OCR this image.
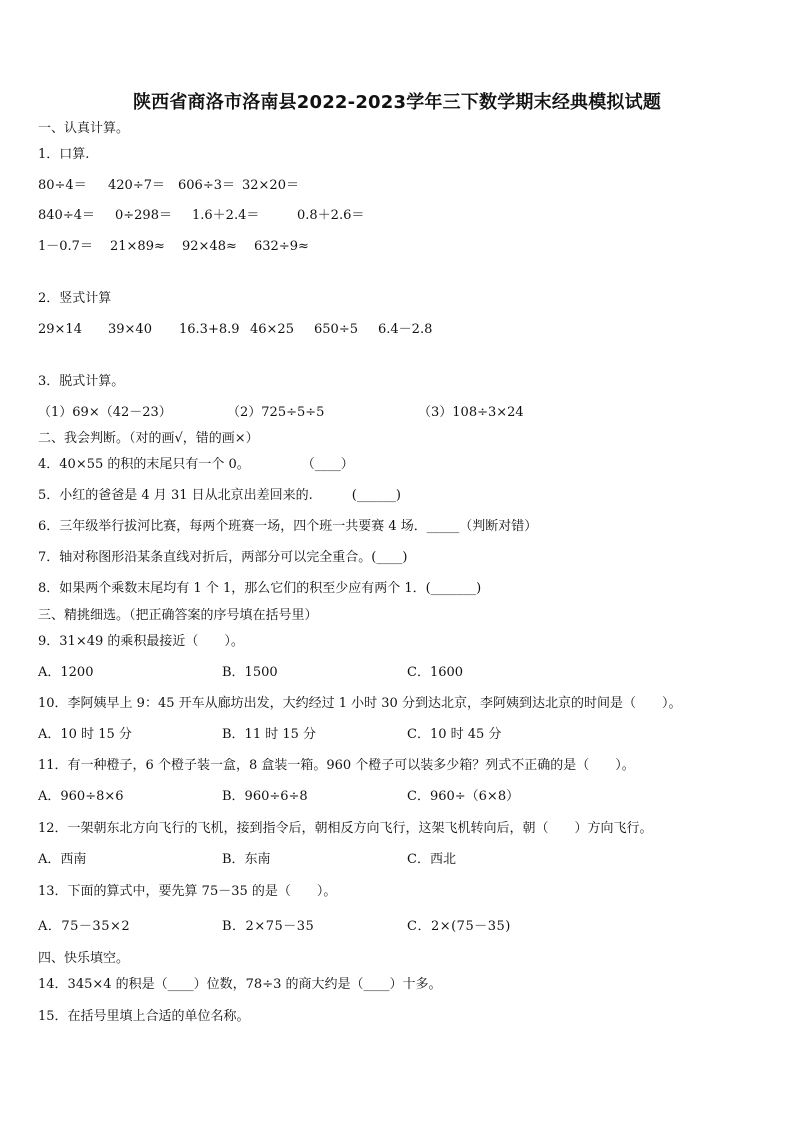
陕西省商洛市洛南县2022-2023学年三下数学期末经典模拟试题
一、认真计算。
1．口算.
80÷4＝ 420÷7＝ 606÷3＝ 32×20＝
840÷4＝ 0÷298＝ 1.6＋2.4＝	0.8＋2.6＝
1－0.7＝ 21×89≈ 92×48≈ 632÷9≈
2．竖式计算
29×14 39×40 16.3+8.9 46×25 650÷5 6.4－2.8
3．脱式计算。
（1）69×（42－23）	（2）725÷5÷5	（3）108÷3×24
二、我会判断。（对的画√，错的画×）
4．40×55 的积的末尾只有一个 0。　　　　　（____）
5．小红的爸爸是 4 月 31 日从北京出差回来的.　　　(______)
6．三年级举行拔河比赛，每两个班赛一场，四个班一共要赛 4 场．_____（判断对错）
7．轴对称图形沿某条直线对折后，两部分可以完全重合。(____)
8．如果两个乘数末尾均有 1 个 1，那么它们的积至少应有两个 1．(_______)
三、精挑细选。（把正确答案的序号填在括号里）
9．31×49 的乘积最接近（　　）。
A．1200	B．1500	C．1600
10．李阿姨早上 9：45 开车从廊坊出发，大约经过 1 小时 30 分到达北京，李阿姨到达北京的时间是（　　）。
A．10 时 15 分	B．11 时 15 分	C．10 时 45 分
11．有一种橙子，6 个橙子装一盒，8 盒装一箱。960 个橙子可以装多少箱？列式不正确的是（　　）。
A．960÷8×6	B．960÷6÷8	C．960÷（6×8）
12．一架朝东北方向飞行的飞机，接到指令后，朝相反方向飞行，这架飞机转向后，朝（　　）方向飞行。
A．西南	B．东南	C．西北
13．下面的算式中，要先算 75－35 的是（　　）。
A．75－35×2	B．2×75－35	C．2×(75－35)
四、快乐填空。
14．345×4 的积是（____）位数，78÷3 的商大约是（____）十多。
15．在括号里填上合适的单位名称。
